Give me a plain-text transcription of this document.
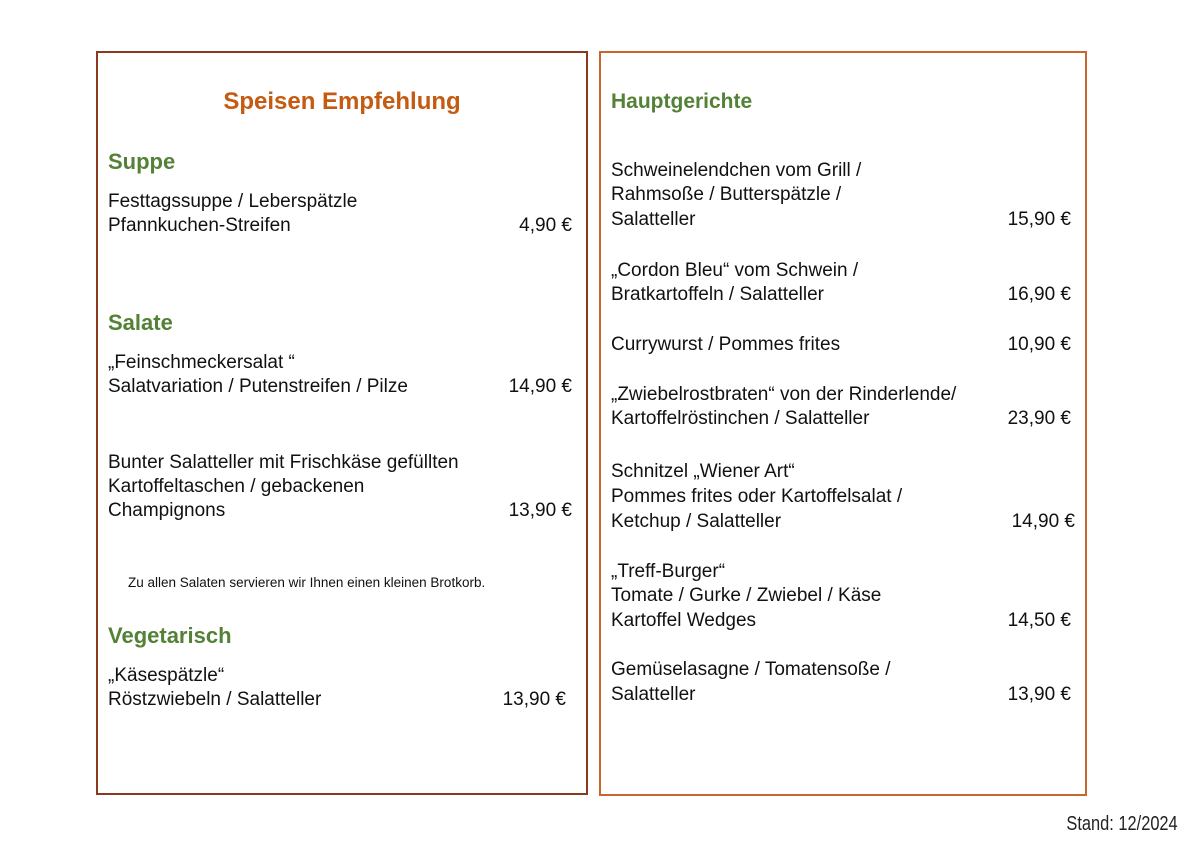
Speisen Empfehlung
Suppe
Festtagssuppe / Leberspätzle
Pfannkuchen-Streifen	4,90 €
Salate
„Feinschmeckersalat “
Salatvariation / Putenstreifen / Pilze	14,90 €
Bunter Salatteller mit Frischkäse gefüllten
Kartoffeltaschen / gebackenen
Champignons	13,90 €
Zu allen Salaten servieren wir Ihnen einen kleinen Brotkorb.
Vegetarisch
„Käsespätzle“
Röstzwiebeln / Salatteller	13,90 €
Hauptgerichte
Schweinelendchen vom Grill /
Rahmsoße / Butterspätzle /
Salatteller	15,90 €
„Cordon Bleu“ vom Schwein /
Bratkartoffeln / Salatteller	16,90 €
Currywurst / Pommes frites	10,90 €
„Zwiebelrostbraten“ von der Rinderlende/
Kartoffelröstinchen / Salatteller	23,90 €
Schnitzel „Wiener Art“
Pommes frites oder Kartoffelsalat /
Ketchup / Salatteller	14,90 €
„Treff-Burger“
Tomate / Gurke / Zwiebel / Käse
Kartoffel Wedges	14,50 €
Gemüselasagne / Tomatensoße /
Salatteller	13,90 €
Stand: 12/2024
